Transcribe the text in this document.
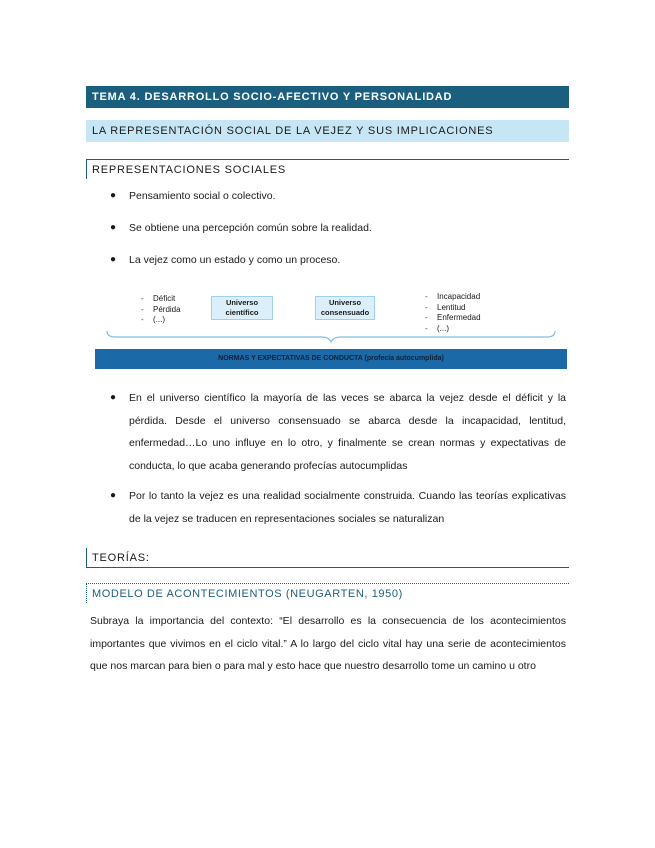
TEMA 4. DESARROLLO SOCIO-AFECTIVO Y PERSONALIDAD
LA REPRESENTACIÓN SOCIAL DE LA VEJEZ Y SUS IMPLICACIONES
REPRESENTACIONES SOCIALES
● Pensamiento social o colectivo.
● Se obtiene una percepción común sobre la realidad.
● La vejez como un estado y como un proceso.
- Déficit
- Pérdida
- (...)
Universo científico
Universo consensuado
- Incapacidad
- Lentitud
- Enfermedad
- (...)
NORMAS Y EXPECTATIVAS DE CONDUCTA (profecía autocumplida)
● En el universo científico la mayoría de las veces se abarca la vejez desde el déficit y la pérdida. Desde el universo consensuado se abarca desde la incapacidad, lentitud, enfermedad…Lo uno influye en lo otro, y finalmente se crean normas y expectativas de conducta, lo que acaba generando profecías autocumplidas
● Por lo tanto la vejez es una realidad socialmente construida. Cuando las teorías explicativas de la vejez se traducen en representaciones sociales se naturalizan
TEORÍAS:
MODELO DE ACONTECIMIENTOS (NEUGARTEN, 1950)
Subraya la importancia del contexto: “El desarrollo es la consecuencia de los acontecimientos importantes que vivimos en el ciclo vital.” A lo largo del ciclo vital hay una serie de acontecimientos que nos marcan para bien o para mal y esto hace que nuestro desarrollo tome un camino u otro
